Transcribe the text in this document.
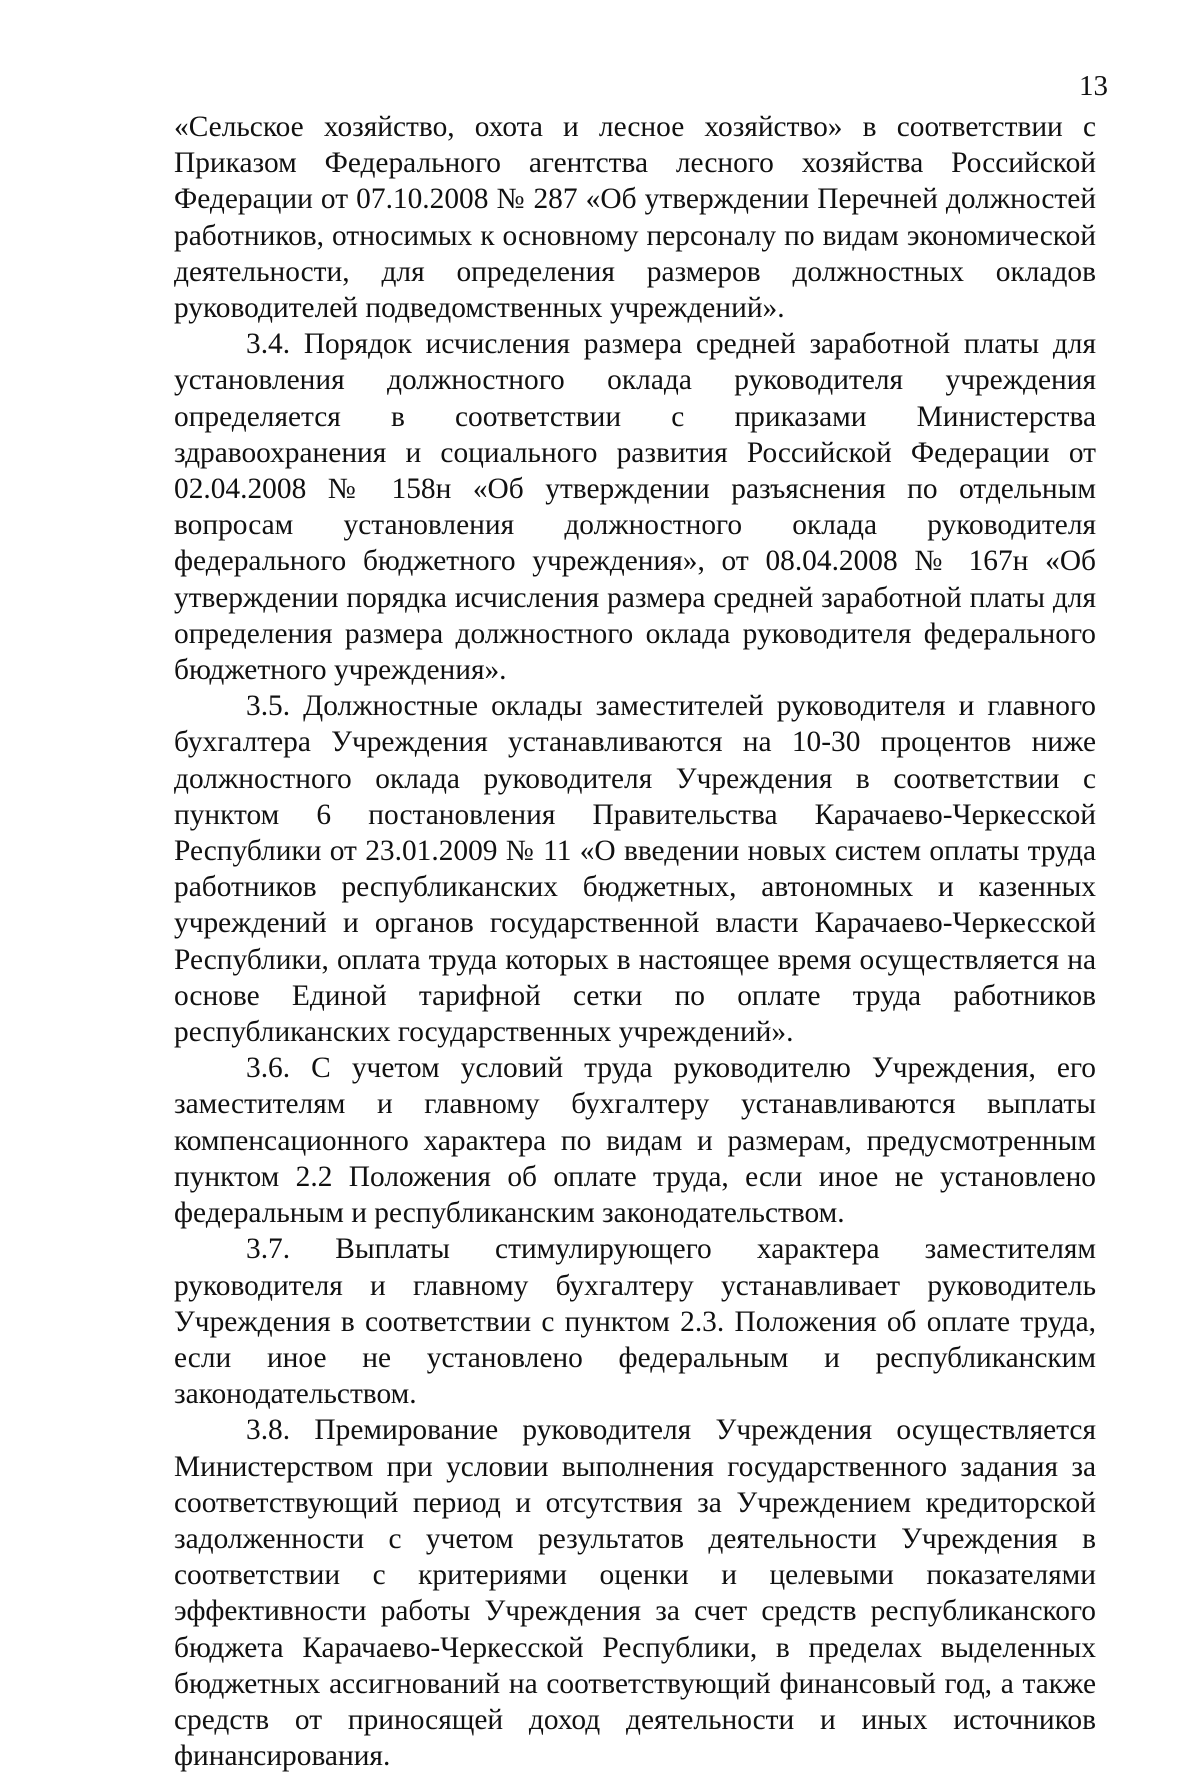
13

«Сельское хозяйство, охота и лесное хозяйство» в соответствии с Приказом Федерального агентства лесного хозяйства Российской Федерации от 07.10.2008 № 287 «Об утверждении Перечней должностей работников, относимых к основному персоналу по видам экономической деятельности, для определения размеров должностных окладов руководителей подведомственных учреждений».

3.4. Порядок исчисления размера средней заработной платы для установления должностного оклада руководителя учреждения определяется в соответствии с приказами Министерства здравоохранения и социального развития Российской Федерации от 02.04.2008 № 158н «Об утверждении разъяснения по отдельным вопросам установления должностного оклада руководителя федерального бюджетного учреждения», от 08.04.2008 № 167н «Об утверждении порядка исчисления размера средней заработной платы для определения размера должностного оклада руководителя федерального бюджетного учреждения».

3.5. Должностные оклады заместителей руководителя и главного бухгалтера Учреждения устанавливаются на 10-30 процентов ниже должностного оклада руководителя Учреждения в соответствии с пунктом 6 постановления Правительства Карачаево-Черкесской Республики от 23.01.2009 № 11 «О введении новых систем оплаты труда работников республиканских бюджетных, автономных и казенных учреждений и органов государственной власти Карачаево-Черкесской Республики, оплата труда которых в настоящее время осуществляется на основе Единой тарифной сетки по оплате труда работников республиканских государственных учреждений».

3.6. С учетом условий труда руководителю Учреждения, его заместителям и главному бухгалтеру устанавливаются выплаты компенсационного характера по видам и размерам, предусмотренным пунктом 2.2 Положения об оплате труда, если иное не установлено федеральным и республиканским законодательством.

3.7. Выплаты стимулирующего характера заместителям руководителя и главному бухгалтеру устанавливает руководитель Учреждения в соответствии с пунктом 2.3. Положения об оплате труда, если иное не установлено федеральным и республиканским законодательством.

3.8. Премирование руководителя Учреждения осуществляется Министерством при условии выполнения государственного задания за соответствующий период и отсутствия за Учреждением кредиторской задолженности с учетом результатов деятельности Учреждения в соответствии с критериями оценки и целевыми показателями эффективности работы Учреждения за счет средств республиканского бюджета Карачаево-Черкесской Республики, в пределах выделенных бюджетных ассигнований на соответствующий финансовый год, а также средств от приносящей доход деятельности и иных источников финансирования.
